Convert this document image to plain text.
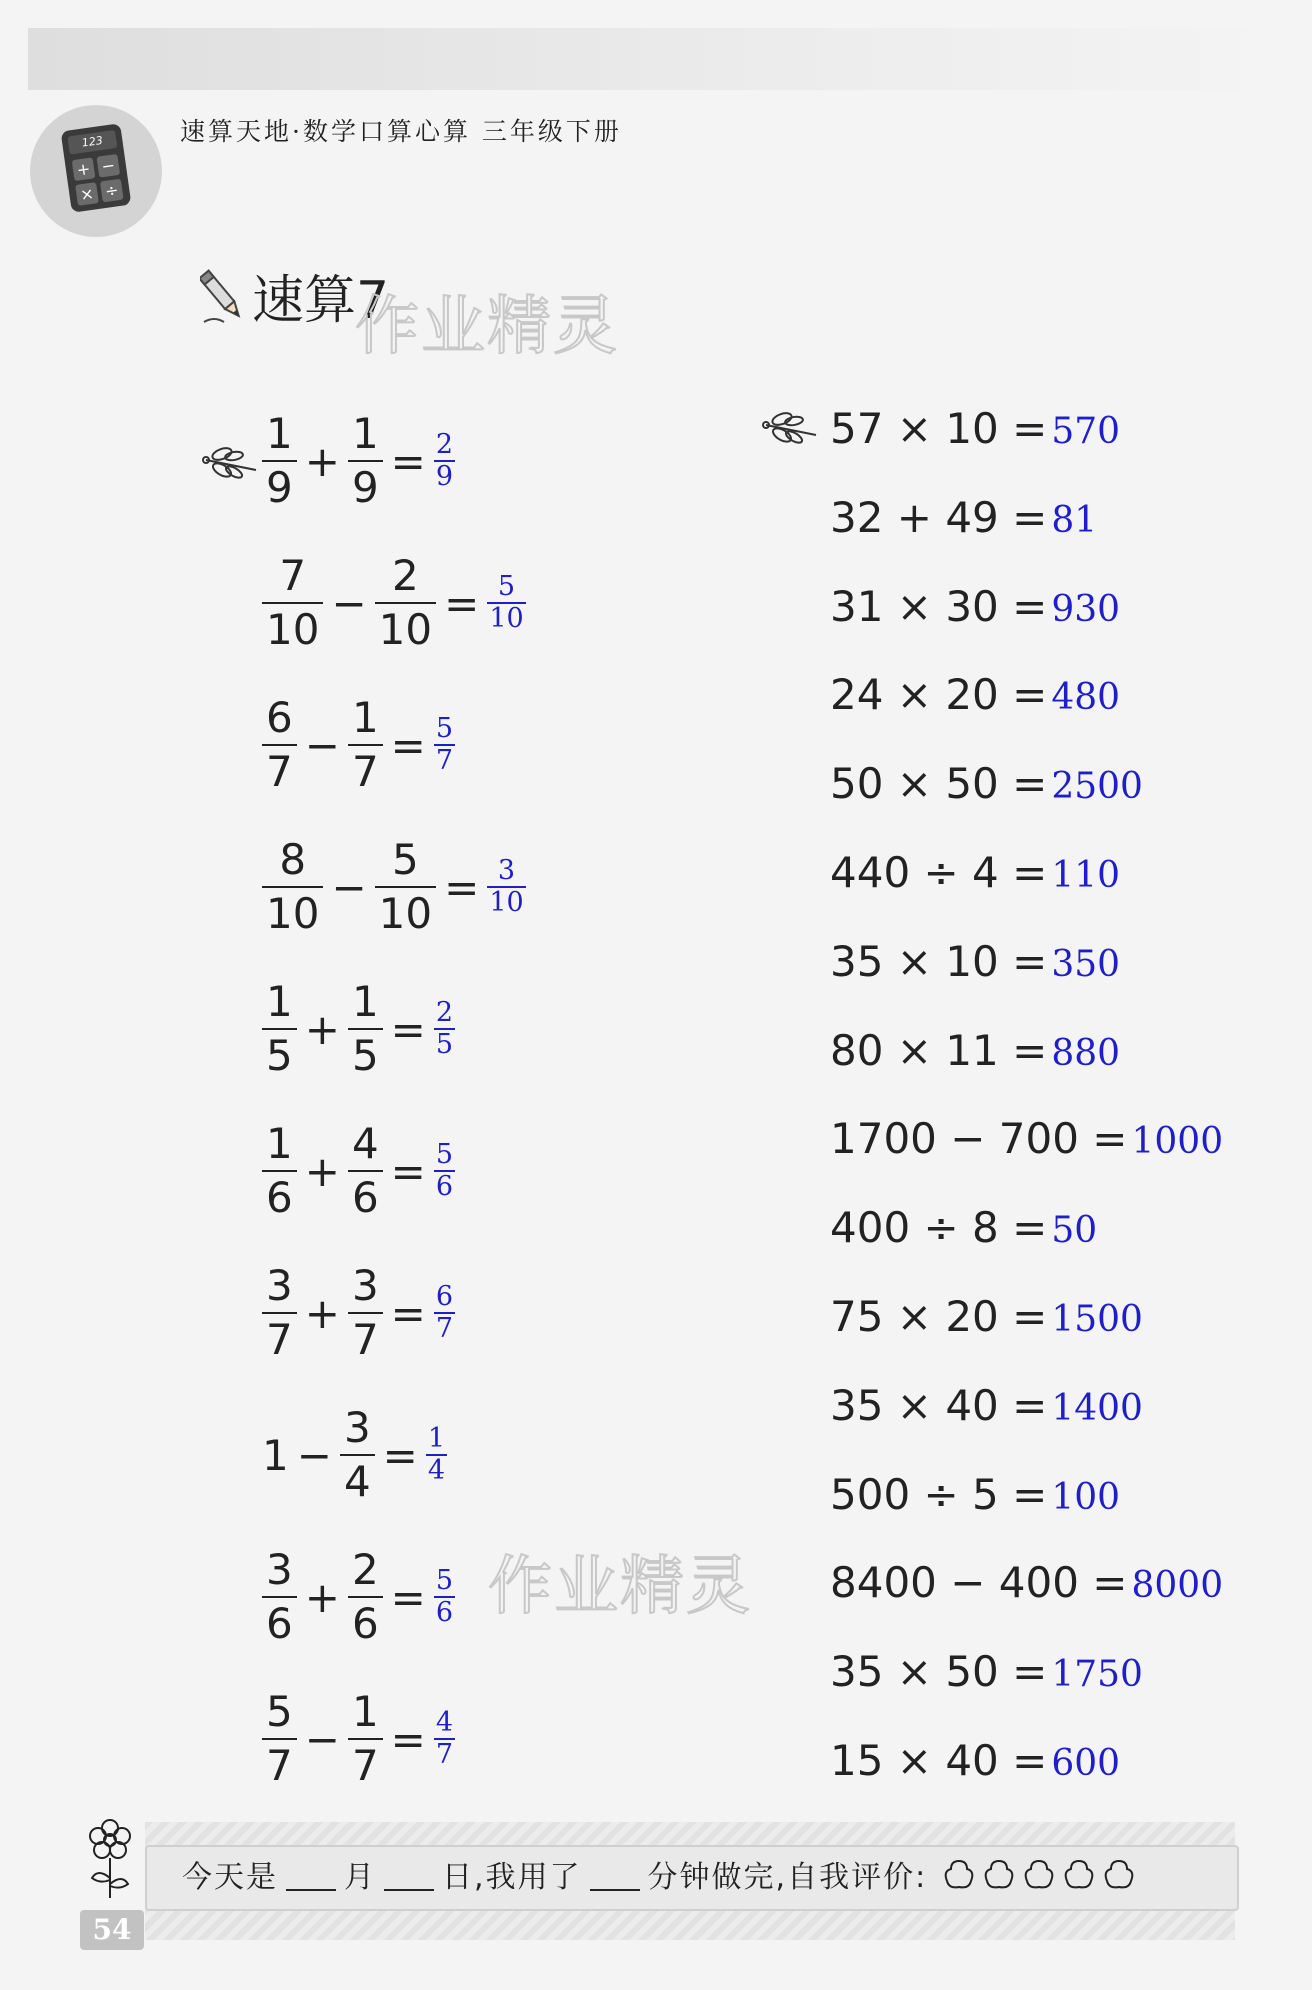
123
+ −
× ÷
速算天地·数学口算心算 三年级下册
速算7
作业精灵
作业精灵
$\frac{1}{9} + \frac{1}{9} = \frac{2}{9}$
$\frac{7}{10} - \frac{2}{10} = \frac{5}{10}$
$\frac{6}{7} - \frac{1}{7} = \frac{5}{7}$
$\frac{8}{10} - \frac{5}{10} = \frac{3}{10}$
$\frac{1}{5} + \frac{1}{5} = \frac{2}{5}$
$\frac{1}{6} + \frac{4}{6} = \frac{5}{6}$
$\frac{3}{7} + \frac{3}{7} = \frac{6}{7}$
$1 - \frac{3}{4} = \frac{1}{4}$
$\frac{3}{6} + \frac{2}{6} = \frac{5}{6}$
$\frac{5}{7} - \frac{1}{7} = \frac{4}{7}$
57 × 10 = 570
32 + 49 = 81
31 × 30 = 930
24 × 20 = 480
50 × 50 = 2500
440 ÷ 4 = 110
35 × 10 = 350
80 × 11 = 880
1700 − 700 = 1000
400 ÷ 8 = 50
75 × 20 = 1500
35 × 40 = 1400
500 ÷ 5 = 100
8400 − 400 = 8000
35 × 50 = 1750
15 × 40 = 600
今天是 月 日,我用了 分钟做完,自我评价:
54
